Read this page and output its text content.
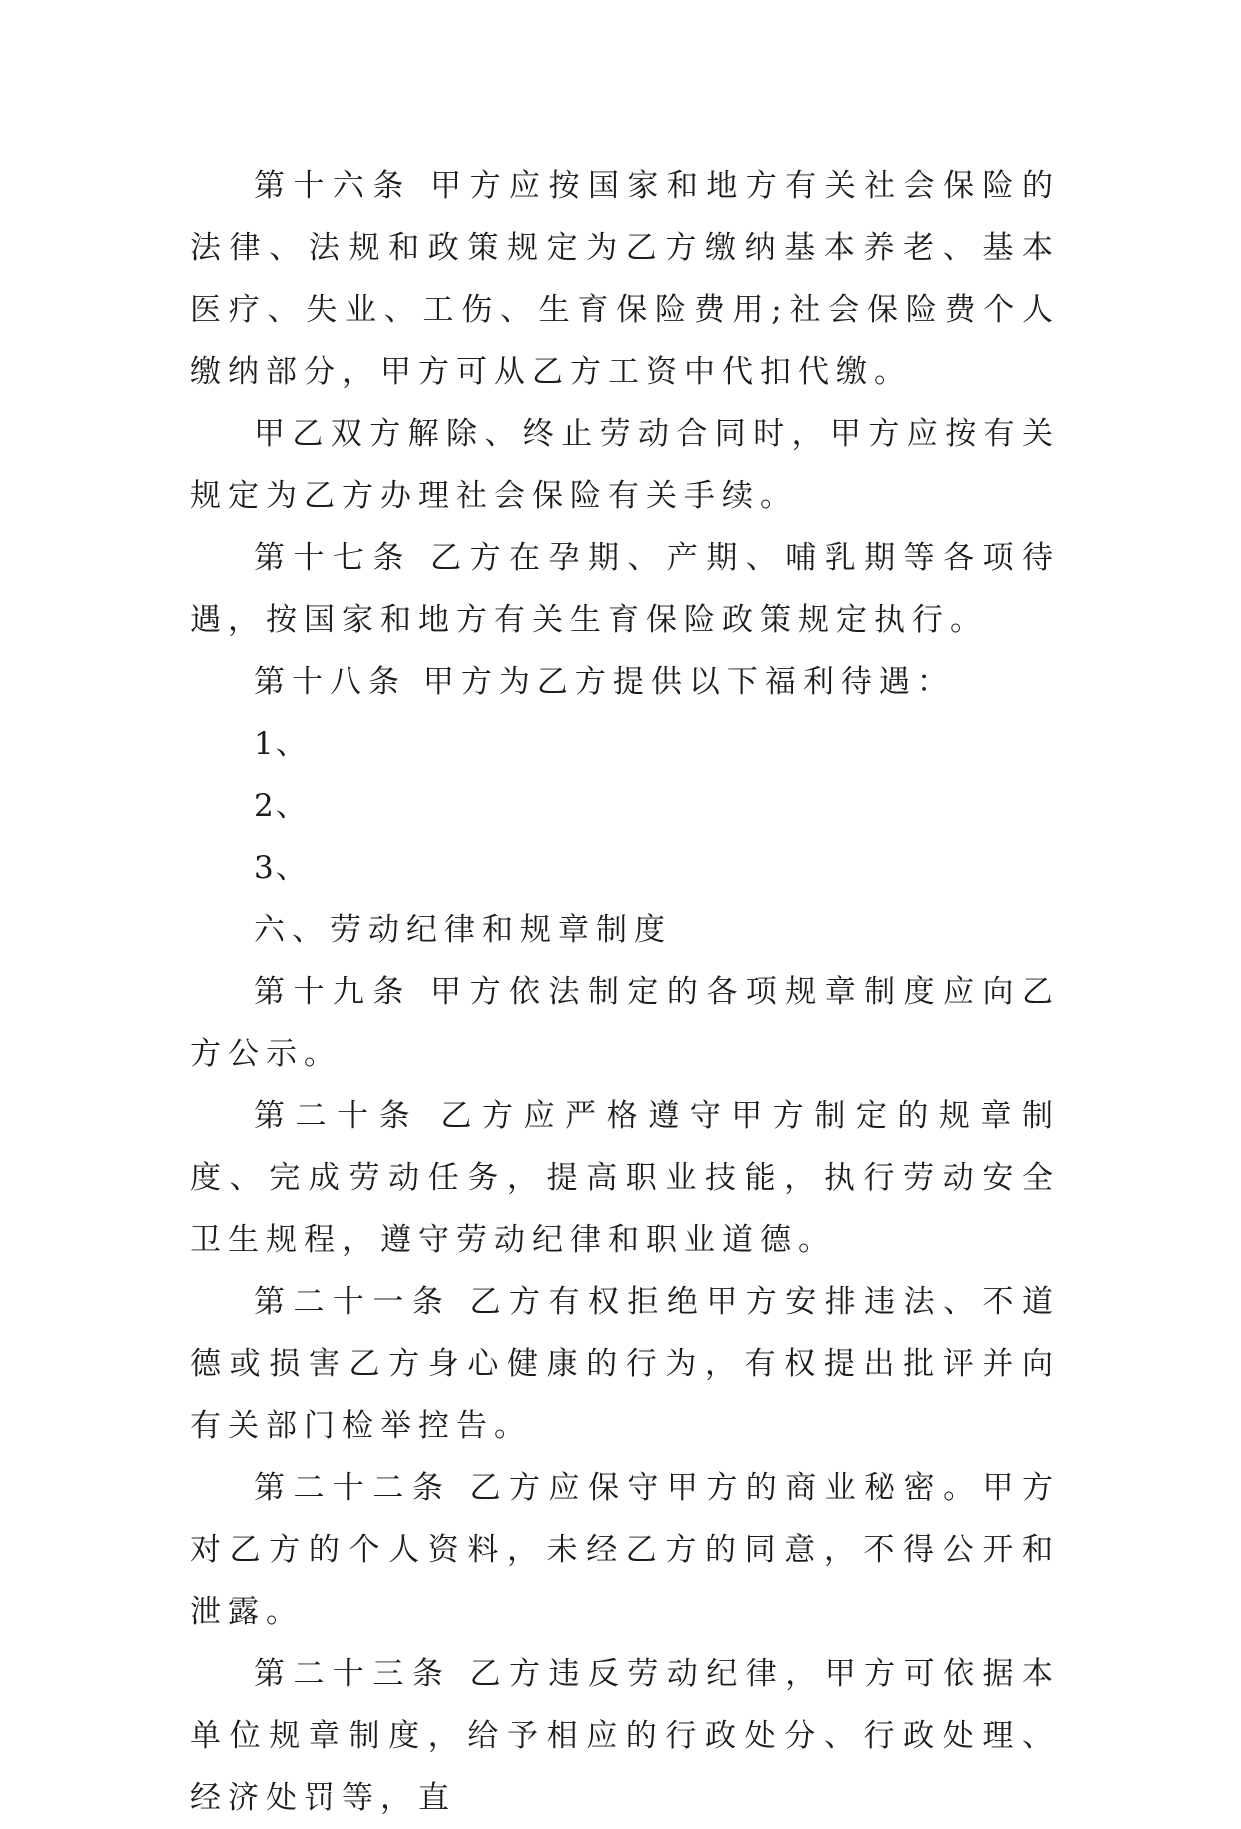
第十六条 甲方应按国家和地方有关社会保险的法律、法规和政策规定为乙方缴纳基本养老、基本医疗、失业、工伤、生育保险费用;社会保险费个人缴纳部分，甲方可从乙方工资中代扣代缴。

甲乙双方解除、终止劳动合同时，甲方应按有关规定为乙方办理社会保险有关手续。

第十七条 乙方在孕期、产期、哺乳期等各项待遇，按国家和地方有关生育保险政策规定执行。

第十八条 甲方为乙方提供以下福利待遇：

1、

2、

3、

六、劳动纪律和规章制度

第十九条 甲方依法制定的各项规章制度应向乙方公示。

第二十条 乙方应严格遵守甲方制定的规章制度、完成劳动任务，提高职业技能，执行劳动安全卫生规程，遵守劳动纪律和职业道德。

第二十一条 乙方有权拒绝甲方安排违法、不道德或损害乙方身心健康的行为，有权提出批评并向有关部门检举控告。

第二十二条 乙方应保守甲方的商业秘密。甲方对乙方的个人资料，未经乙方的同意，不得公开和泄露。

第二十三条 乙方违反劳动纪律，甲方可依据本单位规章制度，给予相应的行政处分、行政处理、经济处罚等，直
